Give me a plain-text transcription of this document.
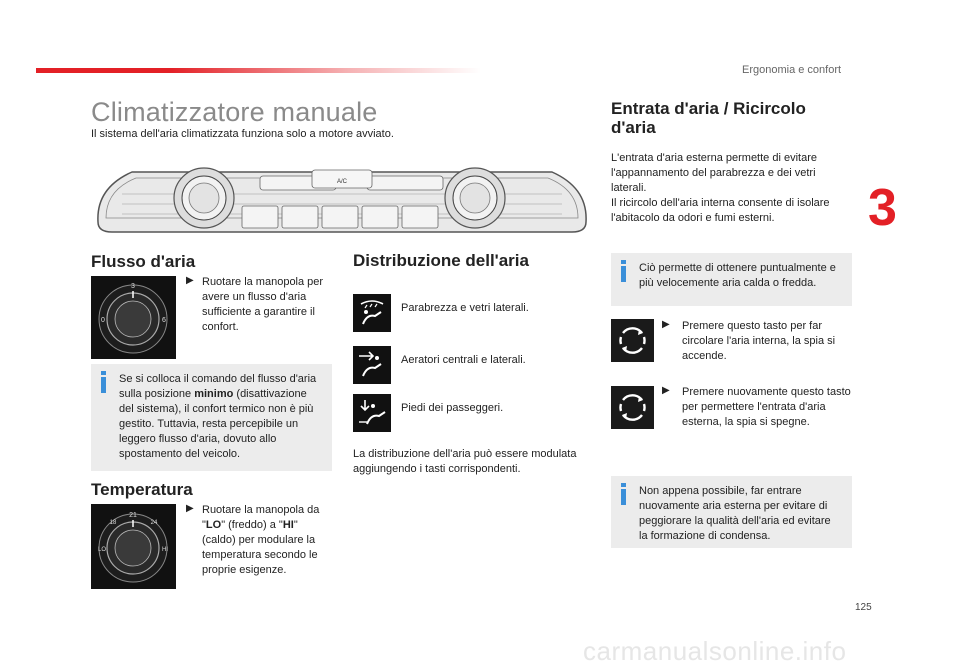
Ergonomia e confort
3
Climatizzatore manuale

Il sistema dell'aria climatizzata funziona solo a motore avviato.

A/C
Flusso d'aria
3
0	6
▶ Ruotare la manopola per avere un flusso d'aria sufficiente a garantire il confort.

Se si colloca il comando del flusso d'aria sulla posizione minimo (disattivazione del sistema), il confort termico non è più gestito. Tuttavia, resta percepibile un leggero flusso d'aria, dovuto allo spostamento del veicolo.

Temperatura
21
18	24
LO	HI
▶ Ruotare la manopola da "LO" (freddo) a "HI" (caldo) per modulare la temperatura secondo le proprie esigenze.

Distribuzione dell'aria
Parabrezza e vetri laterali.
Aeratori centrali e laterali.
Piedi dei passeggeri.

La distribuzione dell'aria può essere modulata aggiungendo i tasti corrispondenti.

Entrata d'aria / Ricircolo
d'aria

L'entrata d'aria esterna permette di evitare l'appannamento del parabrezza e dei vetri laterali.

Il ricircolo dell'aria interna consente di isolare l'abitacolo da odori e fumi esterni.

Ciò permette di ottenere puntualmente e più velocemente aria calda o fredda.

▶	Premere questo tasto per far circolare l'aria interna, la spia si accende.

▶	Premere nuovamente questo tasto per permettere l'entrata d'aria esterna, la spia si spegne.

Non appena possibile, far entrare nuovamente aria esterna per evitare di peggiorare la qualità dell'aria ed evitare la formazione di condensa.

125
carmanualsonline.info
